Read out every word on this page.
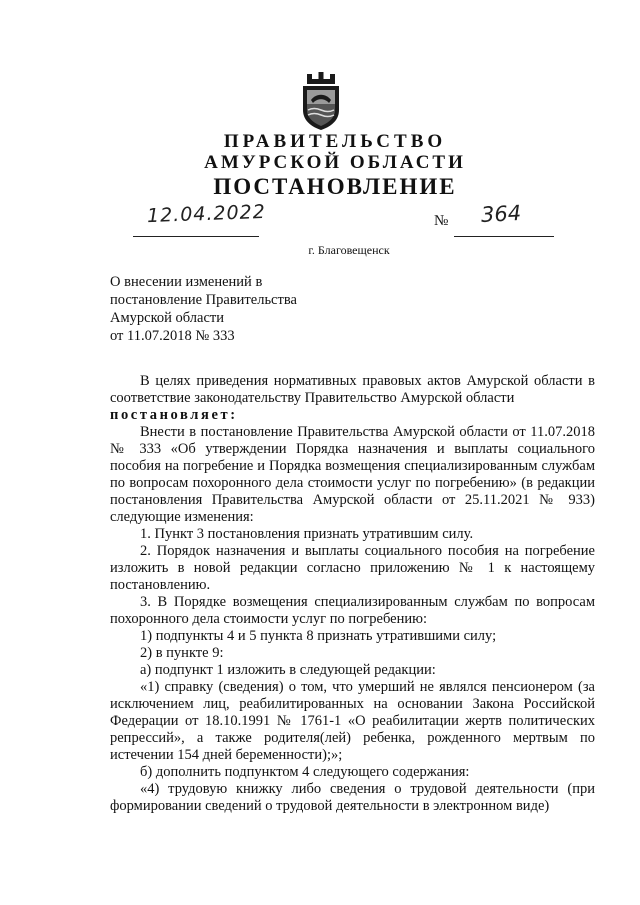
ПРАВИТЕЛЬСТВО
АМУРСКОЙ ОБЛАСТИ
ПОСТАНОВЛЕНИЕ
12.04.2022	№ 364
г. Благовещенск
О внесении изменений в
постановление Правительства
Амурской области
от 11.07.2018 № 333

В целях приведения нормативных правовых актов Амурской области в соответствие законодательству Правительство Амурской области

постановляет:

Внести в постановление Правительства Амурской области от 11.07.2018 № 333 «Об утверждении Порядка назначения и выплаты социального пособия на погребение и Порядка возмещения специализированным службам по вопросам похоронного дела стоимости услуг по погребению» (в редакции постановления Правительства Амурской области от 25.11.2021 № 933) следующие изменения:

1. Пункт 3 постановления признать утратившим силу.

2. Порядок назначения и выплаты социального пособия на погребение изложить в новой редакции согласно приложению № 1 к настоящему постановлению.

3. В Порядке возмещения специализированным службам по вопросам похоронного дела стоимости услуг по погребению:

1) подпункты 4 и 5 пункта 8 признать утратившими силу;

2) в пункте 9:

а) подпункт 1 изложить в следующей редакции:

«1) справку (сведения) о том, что умерший не являлся пенсионером (за исключением лиц, реабилитированных на основании Закона Российской Федерации от 18.10.1991 № 1761-1 «О реабилитации жертв политических репрессий», а также родителя(лей) ребенка, рожденного мертвым по истечении 154 дней беременности);»;

б) дополнить подпунктом 4 следующего содержания:

«4) трудовую книжку либо сведения о трудовой деятельности (при формировании сведений о трудовой деятельности в электронном виде)
